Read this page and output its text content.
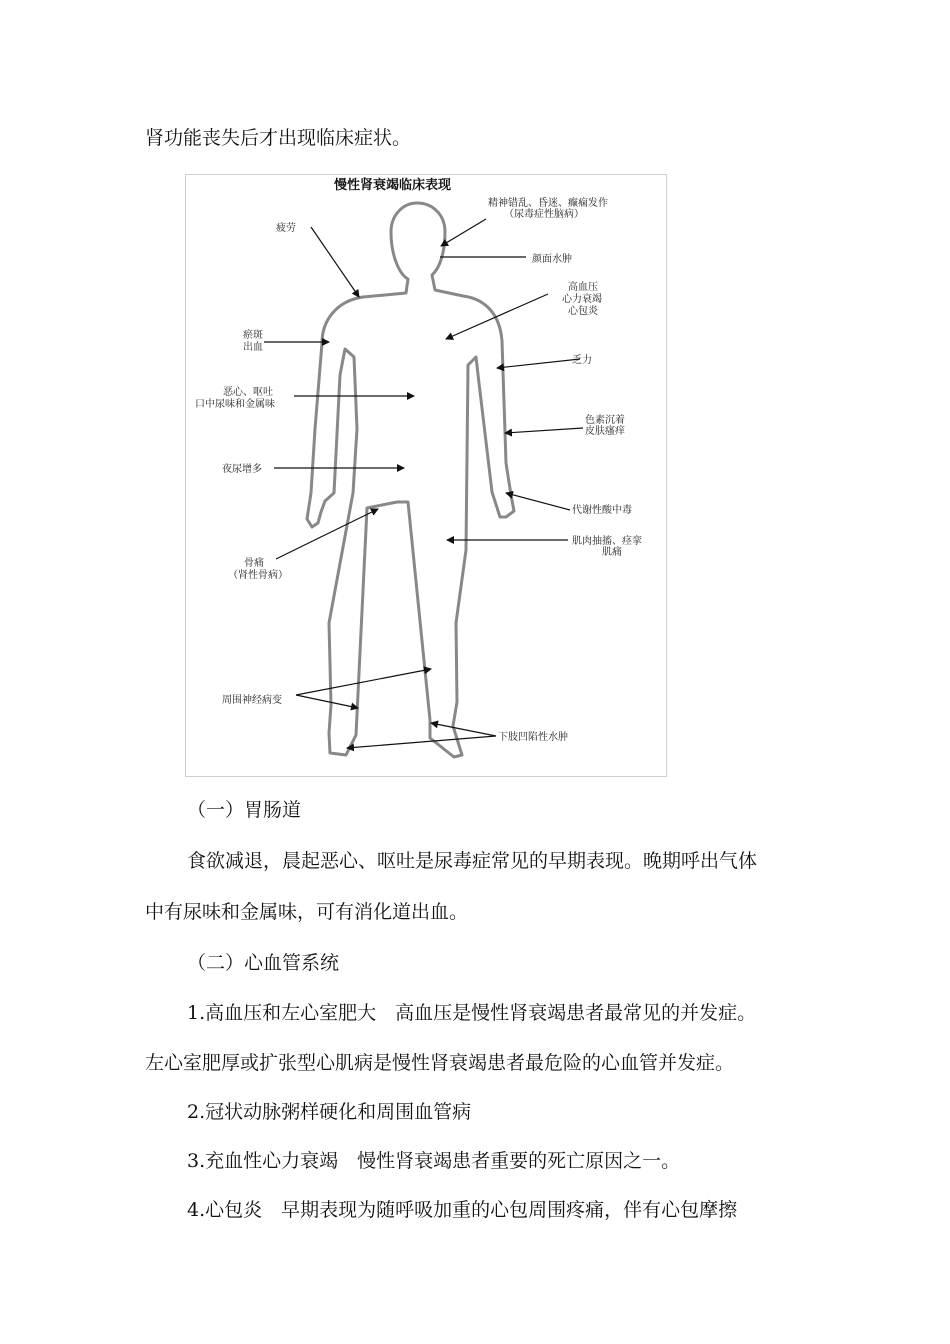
肾功能丧失后才出现临床症状。
慢性肾衰竭临床表现
精神错乱、昏迷、癫痫发作
（尿毒症性脑病）
疲劳
颜面水肿
高血压
心力衰竭
心包炎
瘀斑
出血
乏力
恶心、呕吐
口中尿味和金属味
色素沉着
皮肤瘙痒
夜尿增多
代谢性酸中毒
肌肉抽搐、痉挛
肌痛
骨痛
（肾性骨病）
周围神经病变
下肢凹陷性水肿
（一）胃肠道
食欲减退，晨起恶心、呕吐是尿毒症常见的早期表现。晚期呼出气体
中有尿味和金属味，可有消化道出血。
（二）心血管系统
1.高血压和左心室肥大　高血压是慢性肾衰竭患者最常见的并发症。
左心室肥厚或扩张型心肌病是慢性肾衰竭患者最危险的心血管并发症。
2.冠状动脉粥样硬化和周围血管病
3.充血性心力衰竭　慢性肾衰竭患者重要的死亡原因之一。
4.心包炎　早期表现为随呼吸加重的心包周围疼痛，伴有心包摩擦
